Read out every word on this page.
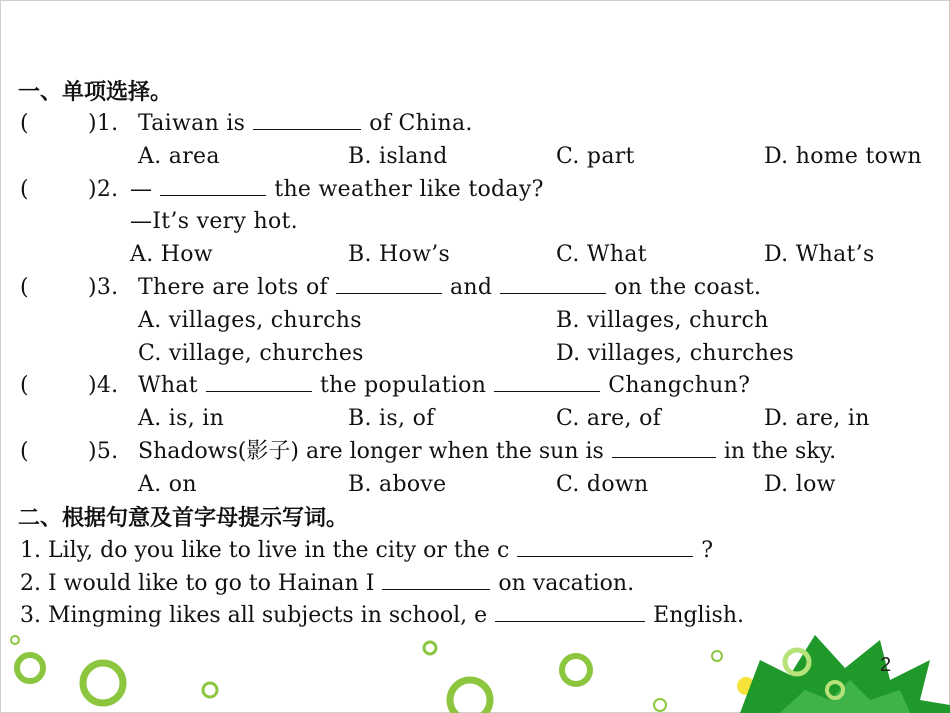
一、单项选择。
(	)1. Taiwan is	of China.
A. area	B. island	C. part	D. home town
(	)2. —	the weather like today?
—It’s very hot.
A. How	B. How’s	C. What	D. What’s
(	)3. There are lots of	and	on the coast.
A. villages, churchs	B. villages, church
C. village, churches	D. villages, churches
(	)4. What	the population	Changchun?
A. is, in	B. is, of	C. are, of	D. are, in
(	)5. Shadows(影子) are longer when the sun is	in the sky.
A. on	B. above	C. down	D. low
二、根据句意及首字母提示写词。
1. Lily, do you like to live in the city or the c	?
2. I would like to go to Hainan I	on vacation.
3. Mingming likes all subjects in school, e	English.
2
